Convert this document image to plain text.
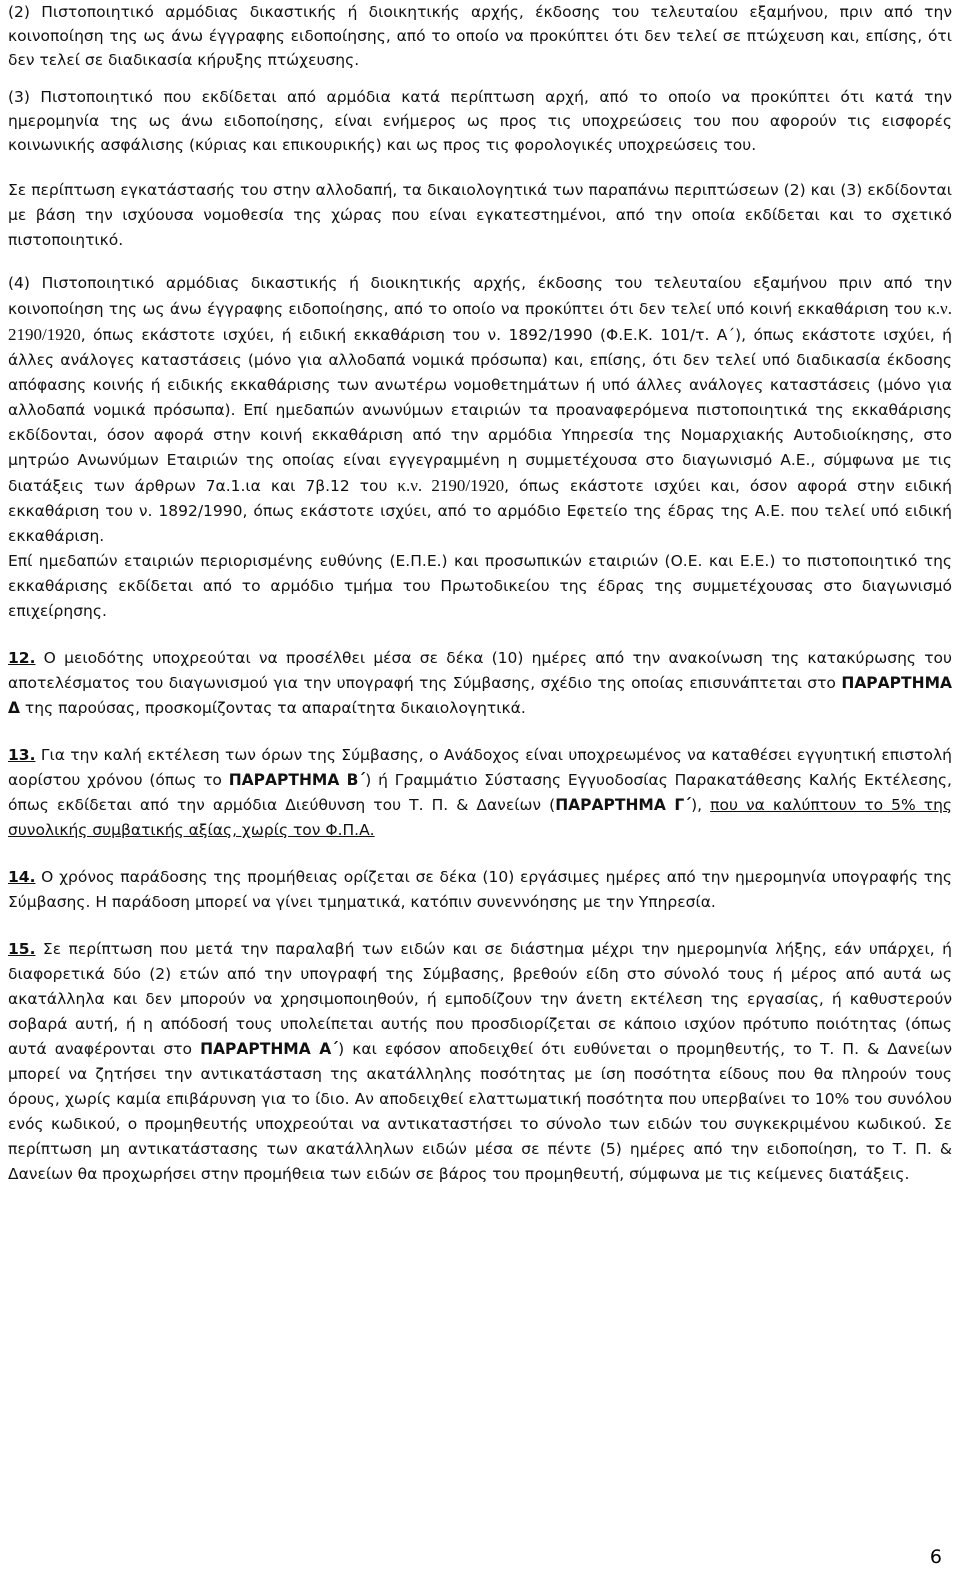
(2) Πιστοποιητικό αρμόδιας δικαστικής ή διοικητικής αρχής, έκδοσης του τελευταίου εξαμήνου, πριν από την κοινοποίηση της ως άνω έγγραφης ειδοποίησης, από το οποίο να προκύπτει ότι δεν τελεί σε πτώχευση και, επίσης, ότι δεν τελεί σε διαδικασία κήρυξης πτώχευσης.

(3) Πιστοποιητικό που εκδίδεται από αρμόδια κατά περίπτωση αρχή, από το οποίο να προκύπτει ότι κατά την ημερομηνία της ως άνω ειδοποίησης, είναι ενήμερος ως προς τις υποχρεώσεις του που αφορούν τις εισφορές κοινωνικής ασφάλισης (κύριας και επικουρικής) και ως προς τις φορολογικές υποχρεώσεις του.

Σε περίπτωση εγκατάστασής του στην αλλοδαπή, τα δικαιολογητικά των παραπάνω περιπτώσεων (2) και (3) εκδίδονται με βάση την ισχύουσα νομοθεσία της χώρας που είναι εγκατεστημένοι, από την οποία εκδίδεται και το σχετικό πιστοποιητικό.

(4) Πιστοποιητικό αρμόδιας δικαστικής ή διοικητικής αρχής, έκδοσης του τελευταίου εξαμήνου πριν από την κοινοποίηση της ως άνω έγγραφης ειδοποίησης, από το οποίο να προκύπτει ότι δεν τελεί υπό κοινή εκκαθάριση του κ.ν. 2190/1920, όπως εκάστοτε ισχύει, ή ειδική εκκαθάριση του ν. 1892/1990 (Φ.Ε.Κ. 101/τ. Α΄), όπως εκάστοτε ισχύει, ή άλλες ανάλογες καταστάσεις (μόνο για αλλοδαπά νομικά πρόσωπα) και, επίσης, ότι δεν τελεί υπό διαδικασία έκδοσης απόφασης κοινής ή ειδικής εκκαθάρισης των ανωτέρω νομοθετημάτων ή υπό άλλες ανάλογες καταστάσεις (μόνο για αλλοδαπά νομικά πρόσωπα). Επί ημεδαπών ανωνύμων εταιριών τα προαναφερόμενα πιστοποιητικά της εκκαθάρισης εκδίδονται, όσον αφορά στην κοινή εκκαθάριση από την αρμόδια Υπηρεσία της Νομαρχιακής Αυτοδιοίκησης, στο μητρώο Ανωνύμων Εταιριών της οποίας είναι εγγεγραμμένη η συμμετέχουσα στο διαγωνισμό Α.Ε., σύμφωνα με τις διατάξεις των άρθρων 7α.1.ια και 7β.12 του κ.ν. 2190/1920, όπως εκάστοτε ισχύει και, όσον αφορά στην ειδική εκκαθάριση του ν. 1892/1990, όπως εκάστοτε ισχύει, από το αρμόδιο Εφετείο της έδρας της Α.Ε. που τελεί υπό ειδική εκκαθάριση.
Επί ημεδαπών εταιριών περιορισμένης ευθύνης (Ε.Π.Ε.) και προσωπικών εταιριών (Ο.Ε. και Ε.Ε.) το πιστοποιητικό της εκκαθάρισης εκδίδεται από το αρμόδιο τμήμα του Πρωτοδικείου της έδρας της συμμετέχουσας στο διαγωνισμό επιχείρησης.

12. Ο μειοδότης υποχρεούται να προσέλθει μέσα σε δέκα (10) ημέρες από την ανακοίνωση της κατακύρωσης του αποτελέσματος του διαγωνισμού για την υπογραφή της Σύμβασης, σχέδιο της οποίας επισυνάπτεται στο ΠΑΡΑΡΤΗΜΑ Δ της παρούσας, προσκομίζοντας τα απαραίτητα δικαιολογητικά.

13. Για την καλή εκτέλεση των όρων της Σύμβασης, ο Ανάδοχος είναι υποχρεωμένος να καταθέσει εγγυητική επιστολή αορίστου χρόνου (όπως το ΠΑΡΑΡΤΗΜΑ Β΄) ή Γραμμάτιο Σύστασης Εγγυοδοσίας Παρακατάθεσης Καλής Εκτέλεσης, όπως εκδίδεται από την αρμόδια Διεύθυνση του Τ. Π. & Δανείων (ΠΑΡΑΡΤΗΜΑ Γ΄), που να καλύπτουν το 5% της συνολικής συμβατικής αξίας, χωρίς τον Φ.Π.Α.

14. Ο χρόνος παράδοσης της προμήθειας ορίζεται σε δέκα (10) εργάσιμες ημέρες από την ημερομηνία υπογραφής της Σύμβασης. Η παράδοση μπορεί να γίνει τμηματικά, κατόπιν συνεννόησης με την Υπηρεσία.

15. Σε περίπτωση που μετά την παραλαβή των ειδών και σε διάστημα μέχρι την ημερομηνία λήξης, εάν υπάρχει, ή διαφορετικά δύο (2) ετών από την υπογραφή της Σύμβασης, βρεθούν είδη στο σύνολό τους ή μέρος από αυτά ως ακατάλληλα και δεν μπορούν να χρησιμοποιηθούν, ή εμποδίζουν την άνετη εκτέλεση της εργασίας, ή καθυστερούν σοβαρά αυτή, ή η απόδοσή τους υπολείπεται αυτής που προσδιορίζεται σε κάποιο ισχύον πρότυπο ποιότητας (όπως αυτά αναφέρονται στο ΠΑΡΑΡΤΗΜΑ Α΄) και εφόσον αποδειχθεί ότι ευθύνεται ο προμηθευτής, το Τ. Π. & Δανείων μπορεί να ζητήσει την αντικατάσταση της ακατάλληλης ποσότητας με ίση ποσότητα είδους που θα πληρούν τους όρους, χωρίς καμία επιβάρυνση για το ίδιο. Αν αποδειχθεί ελαττωματική ποσότητα που υπερβαίνει το 10% του συνόλου ενός κωδικού, ο προμηθευτής υποχρεούται να αντικαταστήσει το σύνολο των ειδών του συγκεκριμένου κωδικού. Σε περίπτωση μη αντικατάστασης των ακατάλληλων ειδών μέσα σε πέντε (5) ημέρες από την ειδοποίηση, το Τ. Π. & Δανείων θα προχωρήσει στην προμήθεια των ειδών σε βάρος του προμηθευτή, σύμφωνα με τις κείμενες διατάξεις.

6
